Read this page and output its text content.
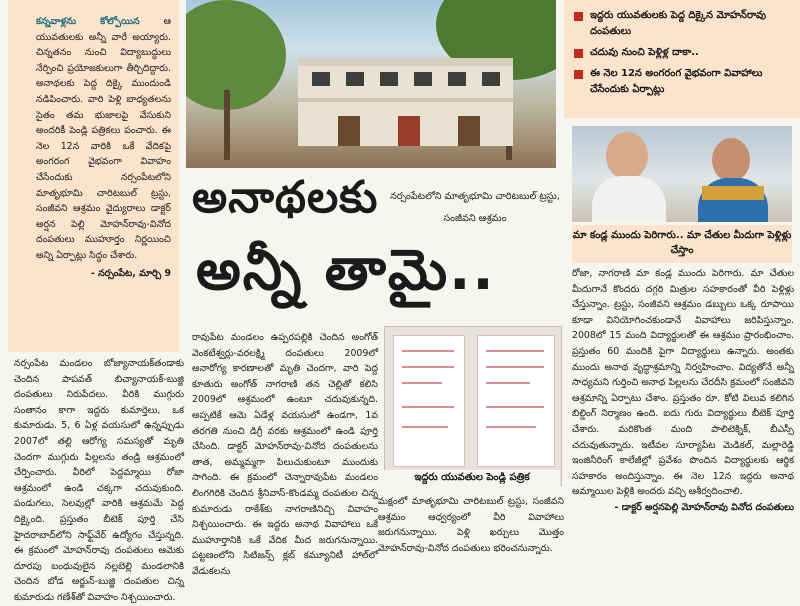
కన్నవాళ్లను కోల్పోయిన	ఆ యువతులకు అన్నీ వారే అయ్యారు. చిన్నతనం నుంచి విద్యాబుద్ధులు నేర్పించి ప్రయోజకులుగా తీర్చిదిద్దారు. అనాథలకు పెద్ద దిక్కై ముందుండి నడిపించారు. వారి పెళ్లి బాధ్యతలను సైతం తమ భుజాలపై వేసుకుని అందరికీ పెండ్లి పత్రికలు పంచారు. ఈ నెల 12న వారికి ఒకే వేదికపై అంగరంగ వైభవంగా వివాహం చేసేందుకు నర్సంపేటలోని మాతృభూమి చారిటబుల్ ట్రస్టు, సంజీవని ఆశ్రమం వైద్యురాలు డాక్టర్ అర్షన పెల్లి మోహన్‌రావు-వినోద దంపతులు ముహూర్తం నిర్ణయించి అన్ని ఏర్పాట్లు సిద్ధం చేశారు.
- నర్సంపేట, మార్చి 9
అనాథలకు
అన్నీ తామై..
నర్సంపేటలోని మాతృభూమి చారిటబుల్ ట్రస్టు, సంజీవని ఆశ్రమం
ఇద్దరు యువతులకు పెద్ద దిక్కైన మోహన్‌రావు దంపతులు
చదువు నుంచి పెళ్లిళ్ల దాకా..
ఈ నెల 12న అంగరంగ వైభవంగా వివాహాలు చేసేందుకు ఏర్పాట్లు
మా కండ్ల ముందు పెరిగారు.. మా చేతుల మీదుగా పెళ్లిళ్లు చేస్తాం
రోజా, నాగరాణి మా కండ్ల ముందు పెరిగారు. మా చేతుల మీదుగానే కొందరు దగ్గరి మిత్రుల సహకారంతో వీరి పెళ్లిళ్లు చేస్తున్నాం. ట్రస్టు, సంజీవని ఆశ్రమం డబ్బులు ఒక్క రూపాయి కూడా వినియోగించకుండానే వివాహాలు జరిపిస్తున్నాం. 2008లో 15 మంది విద్యార్థులతో ఈ ఆశ్రమం ప్రారంభించాం. ప్రస్తుతం 60 మందికి పైగా విద్యార్థులు ఉన్నారు. అంతకు ముందు అనాథ వృద్ధాశ్రమాన్ని నిర్వహించాం. విద్యతోనే అన్నీ సాధ్యమని గుర్తించి అనాథ పిల్లలను చేరదీసి క్రమంలో సంజీవని ఆశ్రమాన్ని ఏర్పాటు చేశాం. ప్రస్తుతం రూ. కోటి విలువ కలిగిన బిల్డింగ్ నిర్మాణం ఉంది. ఐదు గురు విద్యార్థులు బీటెక్ పూర్తి చేశారు. మరికొంత మంది పాలిటెక్నిక్, బీఎస్సీ చదువుతున్నారు. ఇటీవల సూర్యాపేట మెడికల్, మల్లారెడ్డి ఇంజినీరింగ్ కాలేజీల్లో ప్రవేశం పొందిన విద్యార్థులకు ఆర్థిక సహకారం అందిస్తున్నాం. ఈ నెల 12న ఇద్దరు అనాథ అమ్మాయిల పెళ్లికి అందరు వచ్చి ఆశీర్వదించాలి.
- డాక్టర్ అర్షనపెల్లి మోహన్‌రావు వినోద దంపతులు
నర్సంపేట మండలం బోజ్యానాయక్‌తండాకు చెందిన పాపవత్ బిచ్యానాయక్-బుజ్జి దంపతులు నిరుపేదలు. వీరికి ముగ్గురు సంతానం కాగా ఇద్దరు కుమార్తెలు, ఒక కుమారుడు. 5, 6 ఏళ్ల వయసులో ఉన్నప్పుడు 2007లో తల్లి ఆరోగ్య సమస్యతో మృతి చెందగా ముగ్గురు పిల్లలను తండ్రి ఆశ్రమంలో చేర్పించారు. వీరిలో పెద్దమ్మాయి రోజా ఆశ్రమంలో ఉండి చక్కగా చదువుకుంది. పండుగలు, సెలవుల్లో వారికి ఆశ్రమమే పెద్ద దిక్కైంది. ప్రస్తుతం బీటెక్ పూర్తి చేసి హైదరాబాద్‌లోని సాఫ్ట్‌వేర్ ఉద్యోగం చేస్తున్నది. ఈ క్రమంలో మోహన్‌రావు దంపతులు ఆమెకు దూరపు బంధువులైన నల్లబెల్లి మండలానికి చెందిన బోడ అర్జున్-బుజ్జి దంపతుల చిన్న కుమారుడు గణేశ్‌తో వివాహం నిశ్చయించారు.
రావుపేట మండలం ఉప్పరపల్లికి చెందిన అంగోత్ వెంకటేశ్వర్లు-వరలక్ష్మి దంపతులు 2009లో అనారోగ్య కారణాలతో మృతి చెందగా, వారి పెద్ద కూతురు అంగోత్ నాగరాణి తన చెల్లితో కలిసి 2009లో ఆశ్రమంలో ఉంటూ చదువుకున్నది. అప్పటికే ఆమె ఏడేళ్ల వయసులో ఉండగా, 1వ తరగతి నుంచి డిగ్రీ వరకు ఆశ్రమంలో ఉండి పూర్తి చేసింది. డాక్టర్ మోహన్‌రావు-వినోద దంపతులను తాత, అమ్మమ్మగా పిలుచుకుంటూ ముందుకు సాగింది. ఈ క్రమంలో చెన్నారావుపేట మండలం లింగగిరికి చెందిన శ్రీనివాస్-కొండమ్మ దంపతుల చిన్న కుమారుడు రాకేశ్‌కు నాగరాణినిచ్చి వివాహం నిశ్చయించారు. ఈ ఇద్దరు అనాథ వివాహాలు ఒకే ముహూర్తానికి ఒకే వేదిక మీద జరుగనున్నాయి. పట్టణంలోని సిటిజన్స్ క్లబ్ కమ్యూనిటీ హాల్‌లో వేడుకలను
ఇద్దరు యువతుల పెండ్లి పత్రిక
మక్షంలో మాతృభూమి చారిటబుల్ ట్రస్టు, సంజీవని ఆశ్రమం ఆధ్వర్యంలో వీరి వివాహాలు జరుగనున్నాయి. పెళ్లి ఖర్చులు మొత్తం మోహన్‌రావు-వినోద దంపతులు భరించనున్నారు.
